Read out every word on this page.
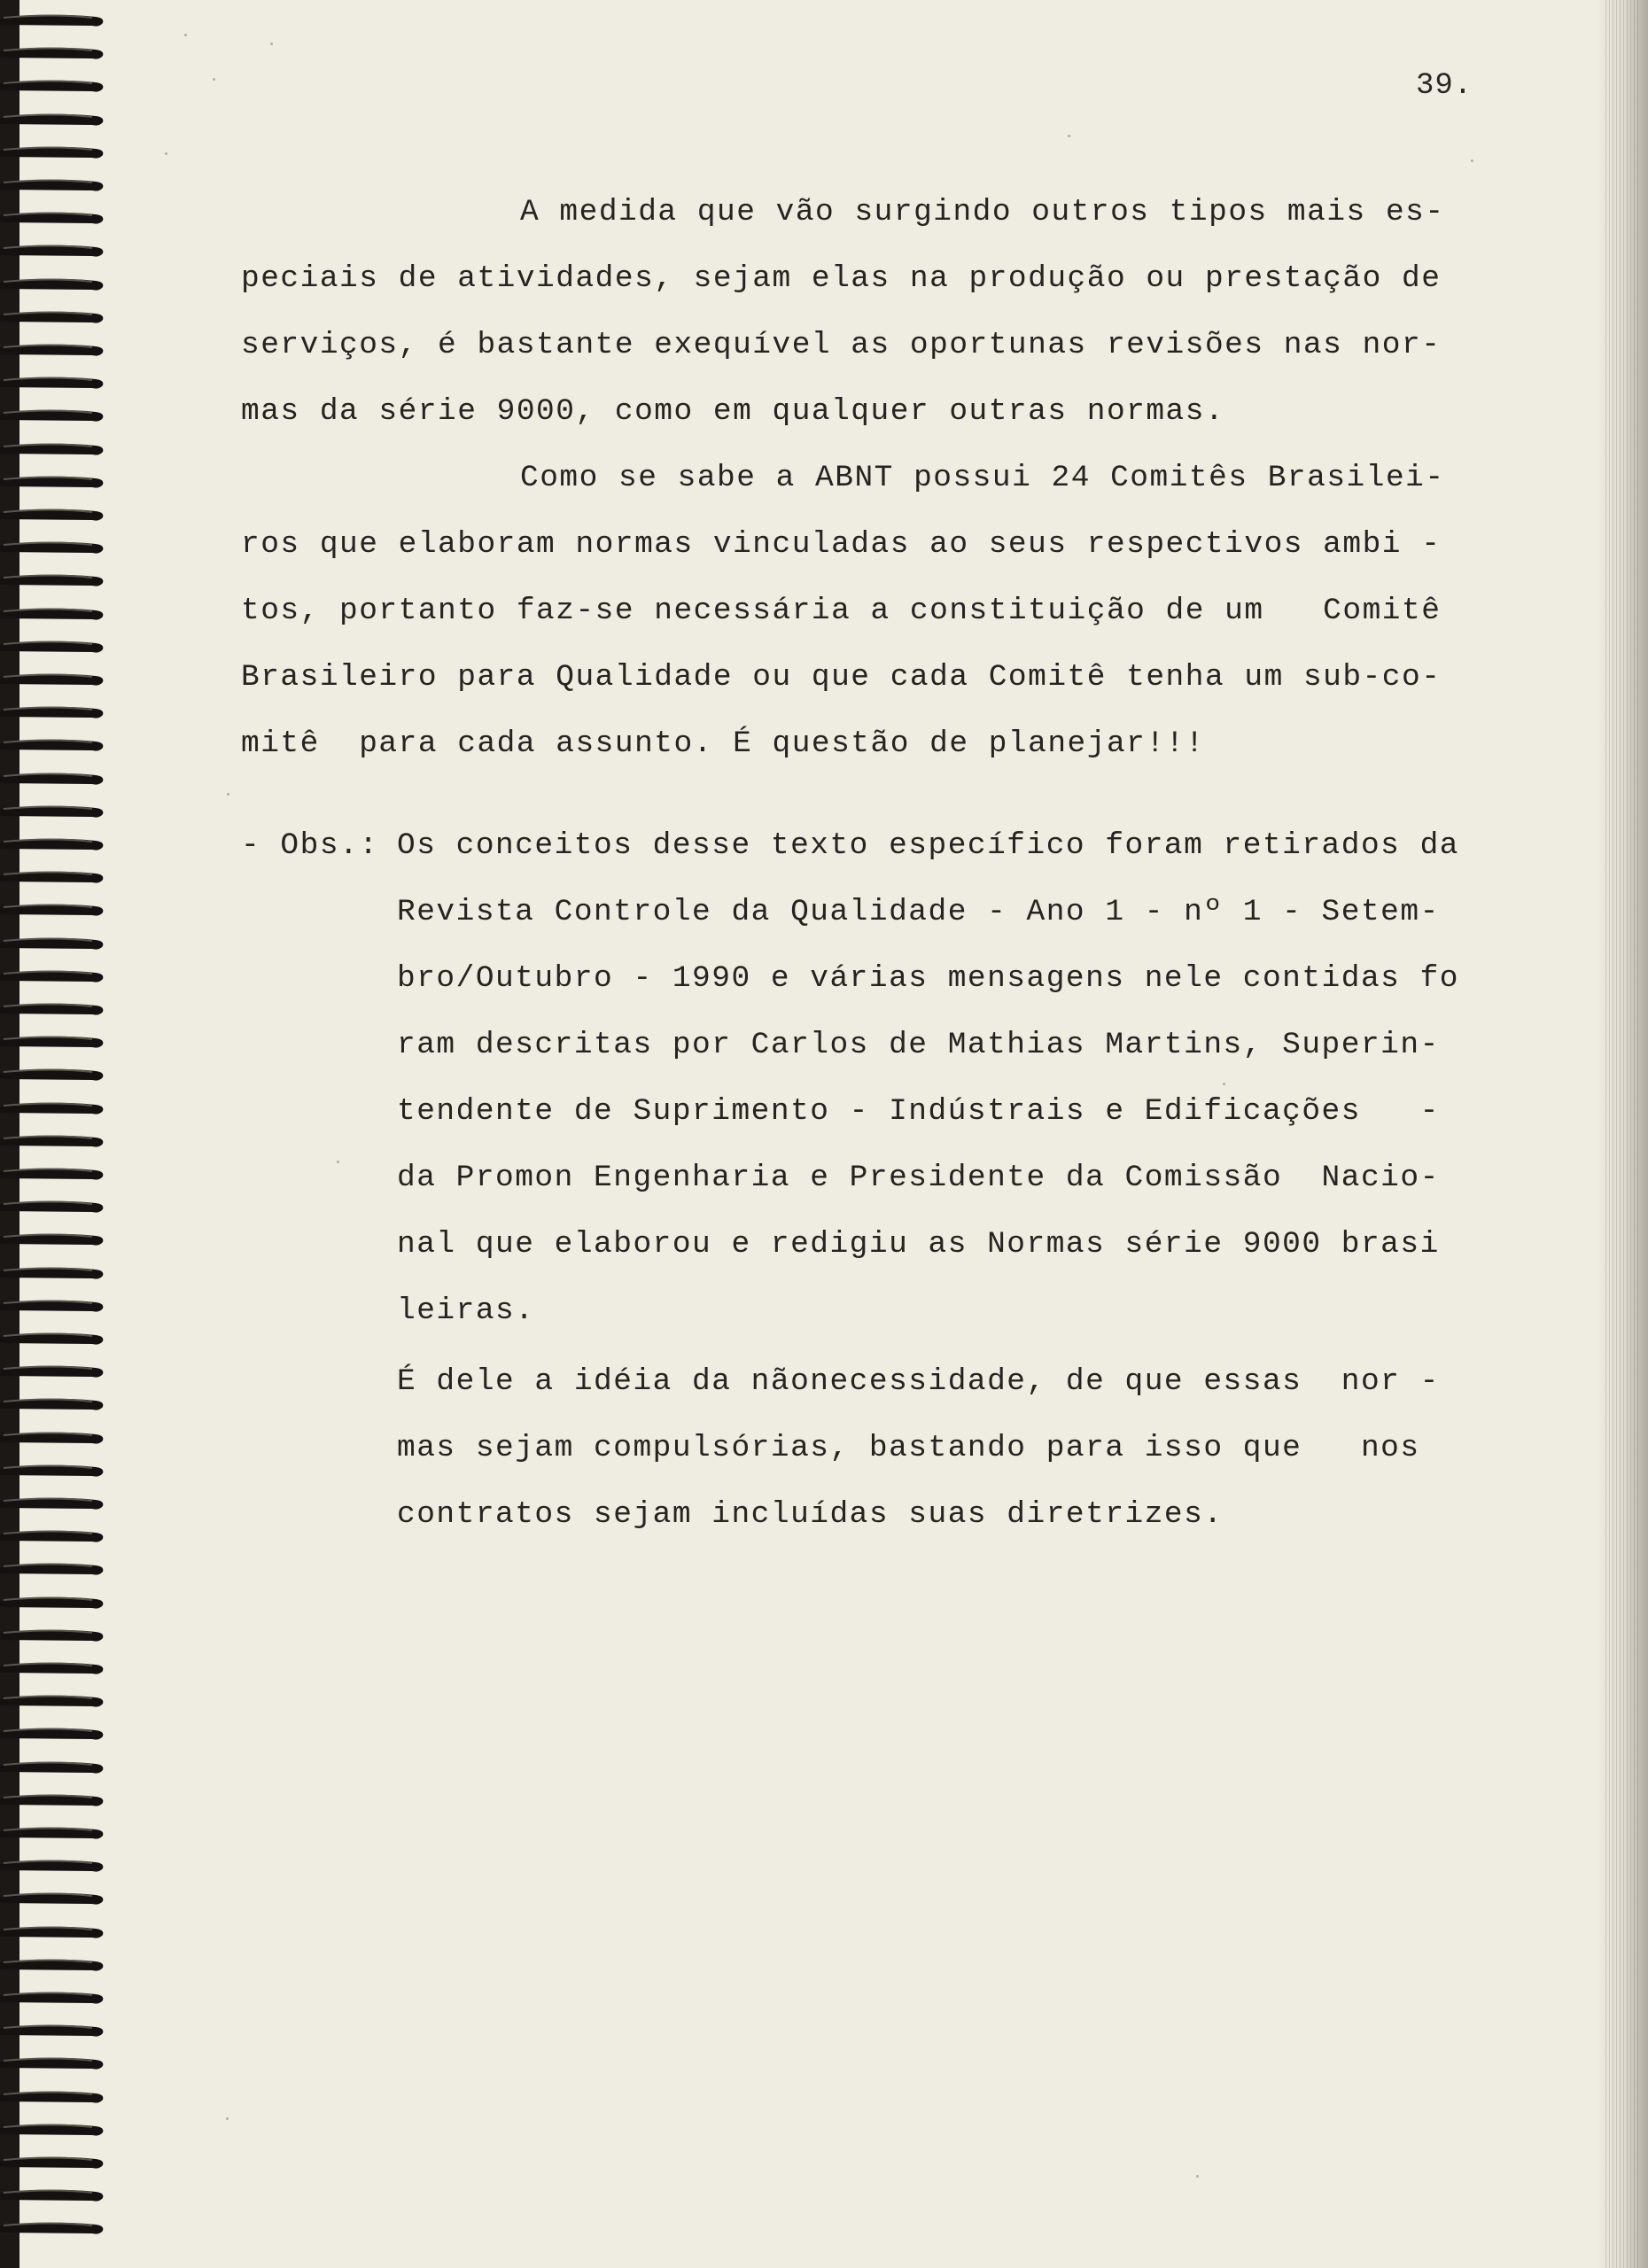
39.
A medida que vão surgindo outros tipos mais es-
peciais de atividades, sejam elas na produção ou prestação de
serviços, é bastante exequível as oportunas revisões nas nor-
mas da série 9000, como em qualquer outras normas.
Como se sabe a ABNT possui 24 Comitês Brasilei-
ros que elaboram normas vinculadas ao seus respectivos ambi -
tos, portanto faz-se necessária a constituição de um   Comitê
Brasileiro para Qualidade ou que cada Comitê tenha um sub-co-
mitê  para cada assunto. É questão de planejar!!!
- Obs.: Os conceitos desse texto específico foram retirados da
Revista Controle da Qualidade - Ano 1 - nº 1 - Setem-
bro/Outubro - 1990 e várias mensagens nele contidas fo
ram descritas por Carlos de Mathias Martins, Superin-
tendente de Suprimento - Indústrais e Edificações   -
da Promon Engenharia e Presidente da Comissão  Nacio-
nal que elaborou e redigiu as Normas série 9000 brasi
leiras.
É dele a idéia da nãonecessidade, de que essas  nor -
mas sejam compulsórias, bastando para isso que   nos
contratos sejam incluídas suas diretrizes.
